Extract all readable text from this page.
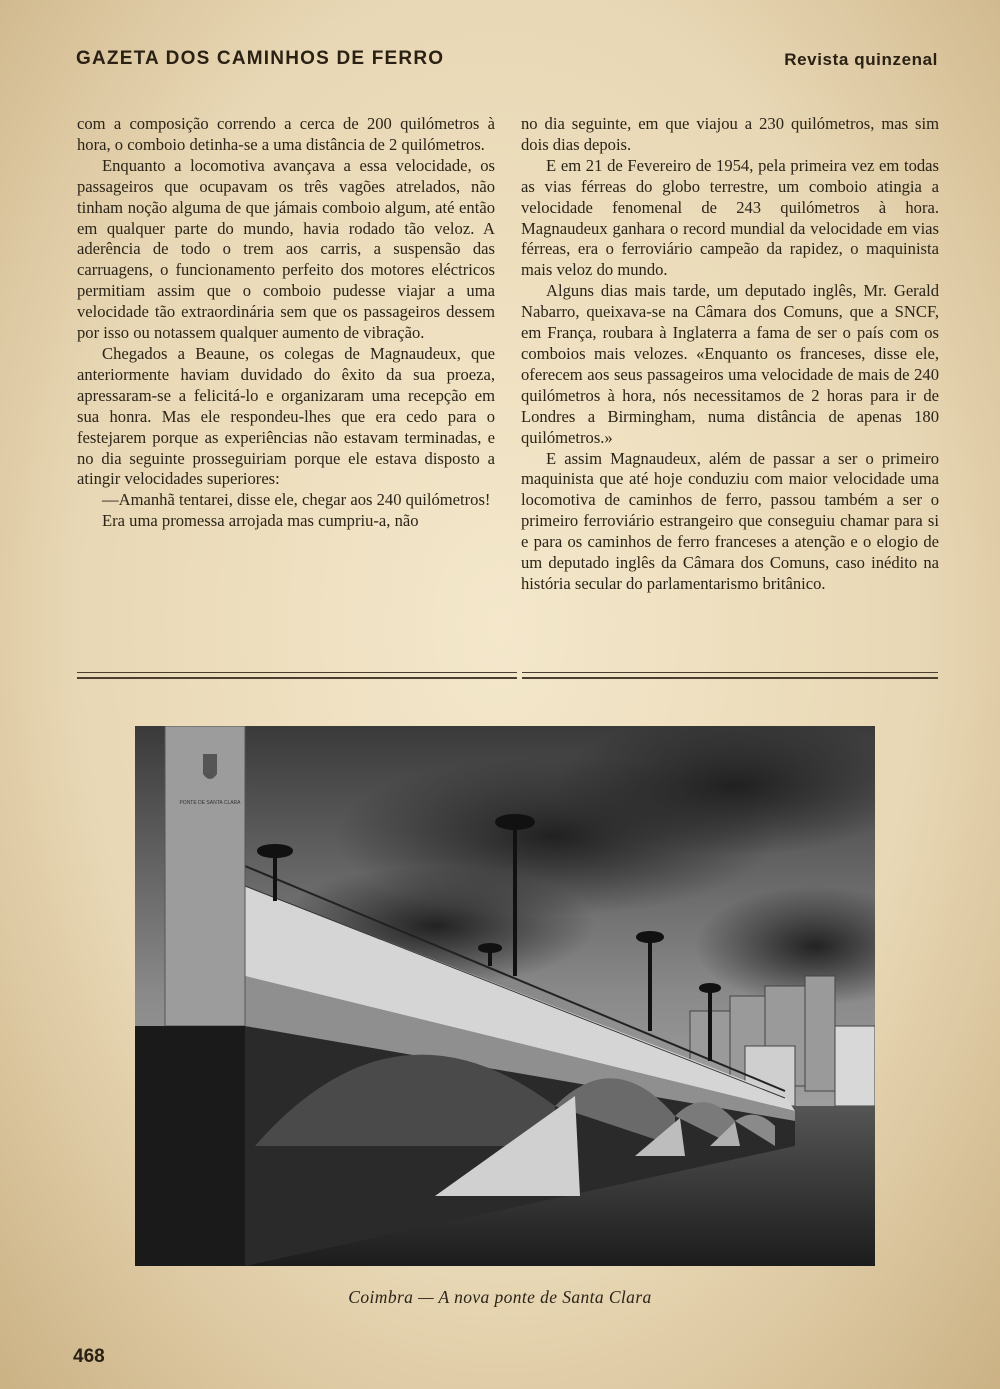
GAZETA DOS CAMINHOS DE FERRO	Revista quinzenal

com a composição correndo a cerca de 200 quilómetros à hora, o comboio detinha-se a uma distância de 2 quilómetros.

Enquanto a locomotiva avançava a essa velocidade, os passageiros que ocupavam os três vagões atrelados, não tinham noção alguma de que jámais comboio algum, até então em qualquer parte do mundo, havia rodado tão veloz. A aderência de todo o trem aos carris, a suspensão das carruagens, o funcionamento perfeito dos motores eléctricos permitiam assim que o comboio pudesse viajar a uma velocidade tão extraordinária sem que os passageiros dessem por isso ou notassem qualquer aumento de vibração.

Chegados a Beaune, os colegas de Magnaudeux, que anteriormente haviam duvidado do êxito da sua proeza, apressaram-se a felicitá-lo e organizaram uma recepção em sua honra. Mas ele respondeu-lhes que era cedo para o festejarem porque as experiências não estavam terminadas, e no dia seguinte prosseguiriam porque ele estava disposto a atingir velocidades superiores:

—Amanhã tentarei, disse ele, chegar aos 240 quilómetros!

Era uma promessa arrojada mas cumpriu-a, não

no dia seguinte, em que viajou a 230 quilómetros, mas sim dois dias depois.

E em 21 de Fevereiro de 1954, pela primeira vez em todas as vias férreas do globo terrestre, um comboio atingia a velocidade fenomenal de 243 quilómetros à hora. Magnaudeux ganhara o record mundial da velocidade em vias férreas, era o ferroviário campeão da rapidez, o maquinista mais veloz do mundo.

Alguns dias mais tarde, um deputado inglês, Mr. Gerald Nabarro, queixava-se na Câmara dos Comuns, que a SNCF, em França, roubara à Inglaterra a fama de ser o país com os comboios mais velozes. «Enquanto os franceses, disse ele, oferecem aos seus passageiros uma velocidade de mais de 240 quilómetros à hora, nós necessitamos de 2 horas para ir de Londres a Birmingham, numa distância de apenas 180 quilómetros.»

E assim Magnaudeux, além de passar a ser o primeiro maquinista que até hoje conduziu com maior velocidade uma locomotiva de caminhos de ferro, passou também a ser o primeiro ferroviário estrangeiro que conseguiu chamar para si e para os caminhos de ferro franceses a atenção e o elogio de um deputado inglês da Câmara dos Comuns, caso inédito na história secular do parlamentarismo britânico.

PONTE DE SANTA CLARA
Coimbra — A nova ponte de Santa Clara
468
